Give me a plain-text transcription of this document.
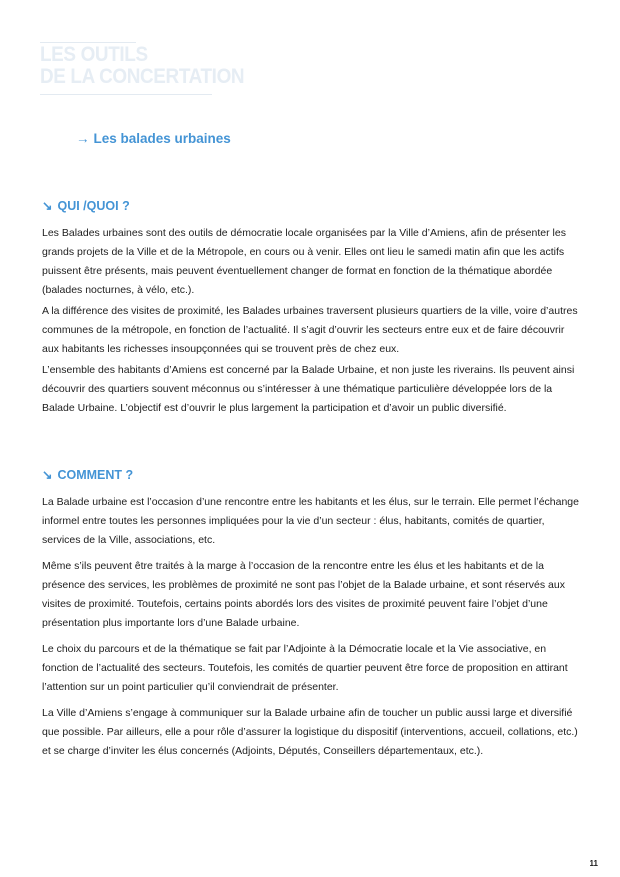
LES OUTILS
DE LA CONCERTATION
→ Les balades urbaines
↘ QUI /QUOI ?

Les Balades urbaines sont des outils de démocratie locale organisées par la Ville d’Amiens, afin de présenter les grands projets de la Ville et de la Métropole, en cours ou à venir. Elles ont lieu le samedi matin afin que les actifs puissent être présents, mais peuvent éventuellement changer de format en fonction de la thématique abordée (balades nocturnes, à vélo, etc.).

A la différence des visites de proximité, les Balades urbaines traversent plusieurs quartiers de la ville, voire d’autres communes de la métropole, en fonction de l’actualité. Il s’agit d’ouvrir les secteurs entre eux et de faire découvrir aux habitants les richesses insoupçonnées qui se trouvent près de chez eux.

L’ensemble des habitants d’Amiens est concerné par la Balade Urbaine, et non juste les riverains. Ils peuvent ainsi découvrir des quartiers souvent méconnus ou s’intéresser à une thématique particulière développée lors de la Balade Urbaine. L’objectif est d’ouvrir le plus largement la participation et d’avoir un public diversifié.

↘ COMMENT ?

La Balade urbaine est l’occasion d’une rencontre entre les habitants et les élus, sur le terrain. Elle permet l’échange informel entre toutes les personnes impliquées pour la vie d’un secteur : élus, habitants, comités de quartier, services de la Ville, associations, etc.

Même s’ils peuvent être traités à la marge à l’occasion de la rencontre entre les élus et les habitants et de la présence des services, les problèmes de proximité ne sont pas l’objet de la Balade urbaine, et sont réservés aux visites de proximité. Toutefois, certains points abordés lors des visites de proximité peuvent faire l’objet d’une présentation plus importante lors d’une Balade urbaine.

Le choix du parcours et de la thématique se fait par l’Adjointe à la Démocratie locale et la Vie associative, en fonction de l’actualité des secteurs. Toutefois, les comités de quartier peuvent être force de proposition en attirant l’attention sur un point particulier qu’il conviendrait de présenter.

La Ville d’Amiens s’engage à communiquer sur la Balade urbaine afin de toucher un public aussi large et diversifié que possible. Par ailleurs, elle a pour rôle d’assurer la logistique du dispositif (interventions, accueil, collations, etc.) et se charge d’inviter les élus concernés (Adjoints, Députés, Conseillers départementaux, etc.).

11
